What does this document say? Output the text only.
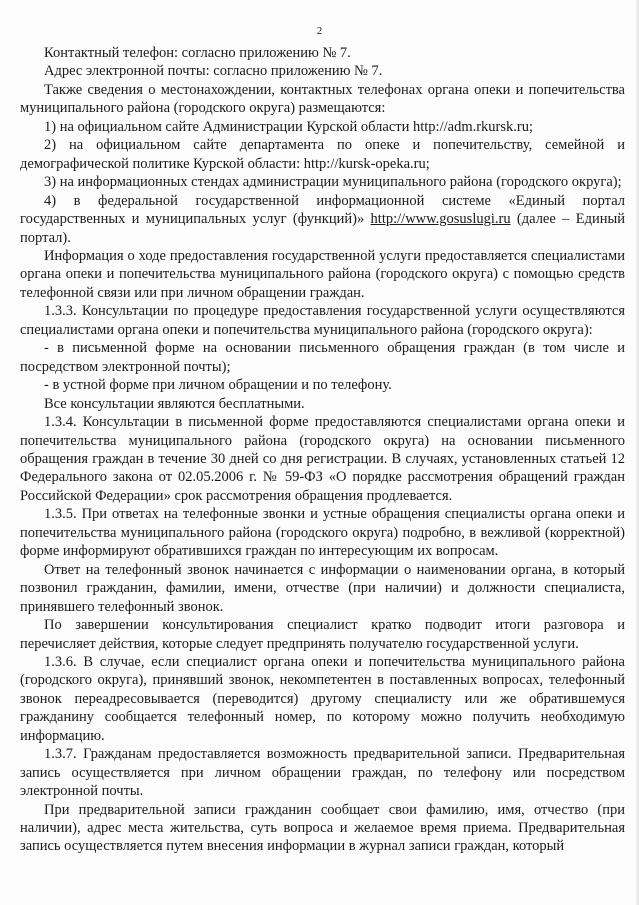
2

Контактный телефон: согласно приложению № 7.

Адрес электронной почты: согласно приложению № 7.

Также сведения о местонахождении, контактных телефонах органа опеки и попечительства муниципального района (городского округа) размещаются:

1) на официальном сайте Администрации Курской области http://adm.rkursk.ru;

2) на официальном сайте департамента по опеке и попечительству, семейной и демографической политике Курской области: http://kursk-opeka.ru;

3) на информационных стендах администрации муниципального района (городского округа);

4) в федеральной государственной информационной системе «Единый портал государственных и муниципальных услуг (функций)» http://www.gosuslugi.ru (далее – Единый портал).

Информация о ходе предоставления государственной услуги предоставляется специалистами органа опеки и попечительства муниципального района (городского округа) с помощью средств телефонной связи или при личном обращении граждан.

1.3.3. Консультации по процедуре предоставления государственной услуги осуществляются специалистами органа опеки и попечительства муниципального района (городского округа):

- в письменной форме на основании письменного обращения граждан (в том числе и посредством электронной почты);

- в устной форме при личном обращении и по телефону.

Все консультации являются бесплатными.

1.3.4. Консультации в письменной форме предоставляются специалистами органа опеки и попечительства муниципального района (городского округа) на основании письменного обращения граждан в течение 30 дней со дня регистрации. В случаях, установленных статьей 12 Федерального закона от 02.05.2006 г. № 59-ФЗ «О порядке рассмотрения обращений граждан Российской Федерации» срок рассмотрения обращения продлевается.

1.3.5. При ответах на телефонные звонки и устные обращения специалисты органа опеки и попечительства муниципального района (городского округа) подробно, в вежливой (корректной) форме информируют обратившихся граждан по интересующим их вопросам.

Ответ на телефонный звонок начинается с информации о наименовании органа, в который позвонил гражданин, фамилии, имени, отчестве (при наличии) и должности специалиста, принявшего телефонный звонок.

По завершении консультирования специалист кратко подводит итоги разговора и перечисляет действия, которые следует предпринять получателю государственной услуги.

1.3.6. В случае, если специалист органа опеки и попечительства муниципального района (городского округа), принявший звонок, некомпетентен в поставленных вопросах, телефонный звонок переадресовывается (переводится) другому специалисту или же обратившемуся гражданину сообщается телефонный номер, по которому можно получить необходимую информацию.

1.3.7. Гражданам предоставляется возможность предварительной записи. Предварительная запись осуществляется при личном обращении граждан, по телефону или посредством электронной почты.

При предварительной записи гражданин сообщает свои фамилию, имя, отчество (при наличии), адрес места жительства, суть вопроса и желаемое время приема. Предварительная запись осуществляется путем внесения информации в журнал записи граждан, который
